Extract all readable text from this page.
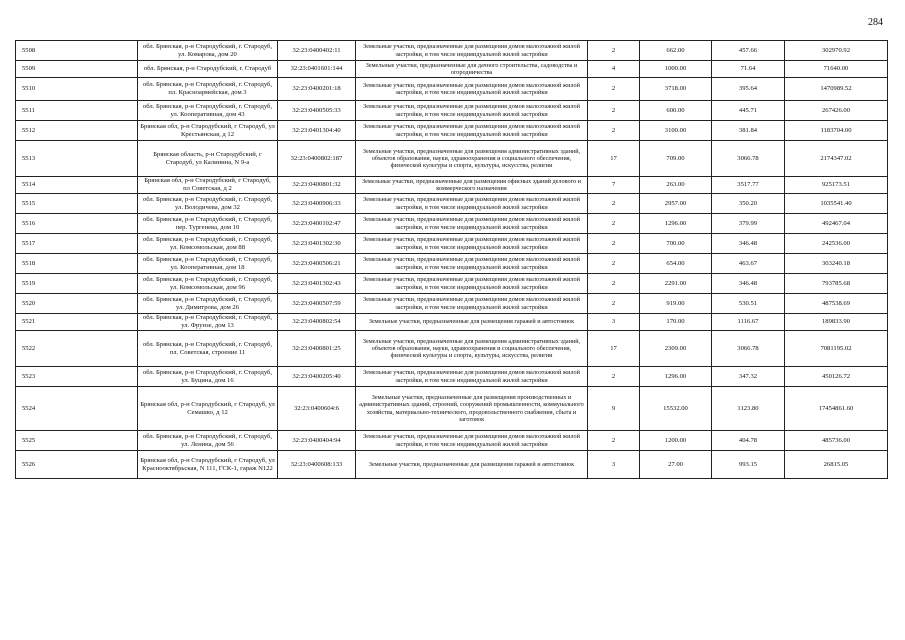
284
5508	обл. Брянская, р-н Стародубский, г. Стародуб, ул. Комарова, дом 20	32:23:0400402:11	Земельные участки, предназначенные для размещения домов малоэтажной жилой застройки, в том числе индивидуальной жилой застройки	2	662.00	457.66	302970.92
5509	обл. Брянская, р-н Стародубский, г. Стародуб	32:23:0401601:144	Земельные участки, предназначенные для дачного строительства, садоводства и огородничества	4	1000.00	71.64	71640.00
5510	обл. Брянская, р-н Стародубский, г. Стародуб, пл. Красноармейская, дом 3	32:23:0400201:18	Земельные участки, предназначенные для размещения домов малоэтажной жилой застройки, в том числе индивидуальной жилой застройки	2	3718.00	395.64	1470989.52
5511	обл. Брянская, р-н Стародубский, г. Стародуб, ул. Кооперативная, дом 43	32:23:0400505:33	Земельные участки, предназначенные для размещения домов малоэтажной жилой застройки, в том числе индивидуальной жилой застройки	2	600.00	445.71	267426.00
5512	Брянская обл, р-н Стародубский, г Стародуб, ул Крестьянская, д 12	32:23:0401304:40	Земельные участки, предназначенные для размещения домов малоэтажной жилой застройки, в том числе индивидуальной жилой застройки	2	3100.00	381.84	1183704.00
5513	Брянская область, р-н Стародубский, г Стародуб, ул Калинина, N 9-а	32:23:0400802:187	Земельные участки, предназначенные для размещения административных зданий, объектов образования, науки, здравоохранения и социального обеспечения, физической культуры и спорта, культуры, искусства, религии	17	709.00	3066.78	2174347.02
5514	Брянская обл, р-н Стародубский, г Стародуб, пл Советская, д 2	32:23:0400801:32	Земельные участки, предназначенные для размещения офисных зданий делового и коммерческого назначения	7	263.00	3517.77	925173.51
5515	обл. Брянская, р-н Стародубский, г. Стародуб, ул. Володичева, дом 32	32:23:0400906:33	Земельные участки, предназначенные для размещения домов малоэтажной жилой застройки, в том числе индивидуальной жилой застройки	2	2957.00	350.20	1035541.40
5516	обл. Брянская, р-н Стародубский, г. Стародуб, пер. Тургенева, дом 10	32:23:0400102:47	Земельные участки, предназначенные для размещения домов малоэтажной жилой застройки, в том числе индивидуальной жилой застройки	2	1296.00	379.99	492467.04
5517	обл. Брянская, р-н Стародубский, г. Стародуб, ул. Комсомольская, дом 88	32:23:0401302:30	Земельные участки, предназначенные для размещения домов малоэтажной жилой застройки, в том числе индивидуальной жилой застройки	2	700.00	346.48	242536.00
5518	обл. Брянская, р-н Стародубский, г. Стародуб, ул. Кооперативная, дом 18	32:23:0400506:21	Земельные участки, предназначенные для размещения домов малоэтажной жилой застройки, в том числе индивидуальной жилой застройки	2	654.00	463.67	303240.18
5519	обл. Брянская, р-н Стародубский, г. Стародуб, ул. Комсомольская, дом 96	32:23:0401302:43	Земельные участки, предназначенные для размещения домов малоэтажной жилой застройки, в том числе индивидуальной жилой застройки	2	2291.00	346.48	793785.68
5520	обл. Брянская, р-н Стародубский, г. Стародуб, ул. Димитрова, дом 26	32:23:0400507:59	Земельные участки, предназначенные для размещения домов малоэтажной жилой застройки, в том числе индивидуальной жилой застройки	2	919.00	530.51	487538.69
5521	обл. Брянская, р-н Стародубский, г. Стародуб, ул. Фрунзе, дом 13	32:23:0400802:54	Земельные участки, предназначенные для размещения гаражей и автостоянок	3	170.00	1116.67	189833.90
5522	обл. Брянская, р-н Стародубский, г. Стародуб, пл. Советская, строение 11	32:23:0400801:25	Земельные участки, предназначенные для размещения административных зданий, объектов образования, науки, здравоохранения и социального обеспечения, физической культуры и спорта, культуры, искусства, религии	17	2309.00	3066.78	7081195.02
5523	обл. Брянская, р-н Стародубский, г. Стародуб, ул. Буцина, дом 16	32:23:0400205:40	Земельные участки, предназначенные для размещения домов малоэтажной жилой застройки, в том числе индивидуальной жилой застройки	2	1296.00	347.32	450126.72
5524	Брянская обл, р-н Стародубский, г Стародуб, ул Семашко, д 12	32:23:0400604:6	Земельные участки, предназначенные для размещения производственных и административных зданий, строений, сооружений промышленности, коммунального хозяйства, материально-технического, продовольственного снабжения, сбыта и заготовок	9	15532.00	1123.80	17454861.60
5525	обл. Брянская, р-н Стародубский, г. Стародуб, ул. Ленина, дом 56	32:23:0400404:94	Земельные участки, предназначенные для размещения домов малоэтажной жилой застройки, в том числе индивидуальной жилой застройки	2	1200.00	404.78	485736.00
5526	Брянская обл, р-н Стародубский, г Стародуб, ул Краснооктябрьская, N 111, ГСК-1, гараж N122	32:23:0400608:133	Земельные участки, предназначенные для размещения гаражей и автостоянок	3	27.00	993.15	26815.05
